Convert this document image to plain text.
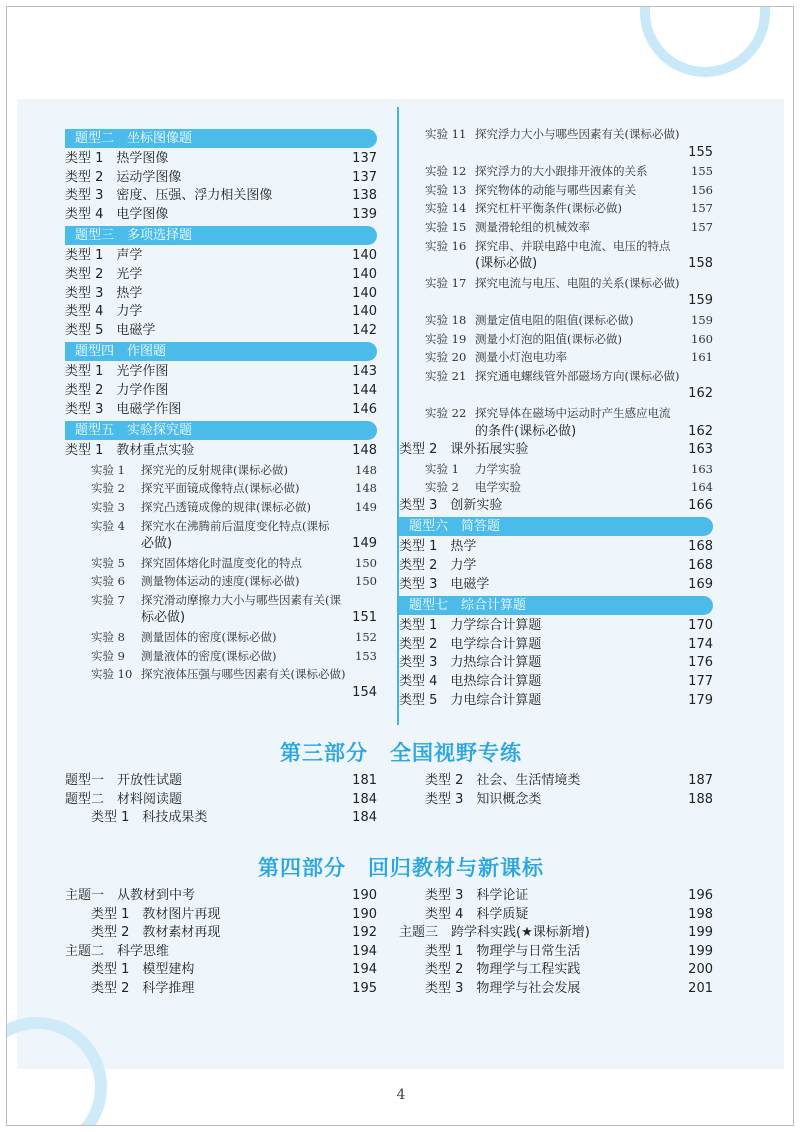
题型二　坐标图像题
类型 1　热学图像	137
类型 2　运动学图像	137
类型 3　密度、压强、浮力相关图像	138
类型 4　电学图像	139
题型三　多项选择题
类型 1　声学	140
类型 2　光学	140
类型 3　热学	140
类型 4　力学	140
类型 5　电磁学	142
题型四　作图题
类型 1　光学作图	143
类型 2　力学作图	144
类型 3　电磁学作图	146
题型五　实验探究题
类型 1　教材重点实验	148
实验 1 探究光的反射规律(课标必做)	148
实验 2 探究平面镜成像特点(课标必做)	148
实验 3 探究凸透镜成像的规律(课标必做)	149
实验 4 探究水在沸腾前后温度变化特点(课标
必做)	149
实验 5 探究固体熔化时温度变化的特点	150
实验 6 测量物体运动的速度(课标必做)	150
实验 7 探究滑动摩擦力大小与哪些因素有关(课
标必做)	151
实验 8 测量固体的密度(课标必做)	152
实验 9 测量液体的密度(课标必做)	153
实验 10 探究液体压强与哪些因素有关(课标必做)
154
实验 11 探究浮力大小与哪些因素有关(课标必做)
155
实验 12 探究浮力的大小跟排开液体的关系	155
实验 13 探究物体的动能与哪些因素有关	156
实验 14 探究杠杆平衡条件(课标必做)	157
实验 15 测量滑轮组的机械效率	157
实验 16 探究串、并联电路中电流、电压的特点
(课标必做)	158
实验 17 探究电流与电压、电阻的关系(课标必做)
159
实验 18 测量定值电阻的阻值(课标必做)	159
实验 19 测量小灯泡的阻值(课标必做)	160
实验 20 测量小灯泡电功率	161
实验 21 探究通电螺线管外部磁场方向(课标必做)
162
实验 22 探究导体在磁场中运动时产生感应电流
的条件(课标必做)	162
类型 2　课外拓展实验	163
实验 1 力学实验	163
实验 2 电学实验	164
类型 3　创新实验	166
题型六　简答题
类型 1　热学	168
类型 2　力学	168
类型 3　电磁学	169
题型七　综合计算题
类型 1　力学综合计算题	170
类型 2　电学综合计算题	174
类型 3　力热综合计算题	176
类型 4　电热综合计算题	177
类型 5　力电综合计算题	179
第三部分　全国视野专练
题型一　开放性试题	181
题型二　材料阅读题	184
类型 1　科技成果类	184
类型 2　社会、生活情境类	187
类型 3　知识概念类	188
第四部分　回归教材与新课标
主题一　从教材到中考	190
类型 1　教材图片再现	190
类型 2　教材素材再现	192
主题二　科学思维	194
类型 1　模型建构	194
类型 2　科学推理	195
类型 3　科学论证	196
类型 4　科学质疑	198
主题三　跨学科实践(★课标新增)	199
类型 1　物理学与日常生活	199
类型 2　物理学与工程实践	200
类型 3　物理学与社会发展	201
4
